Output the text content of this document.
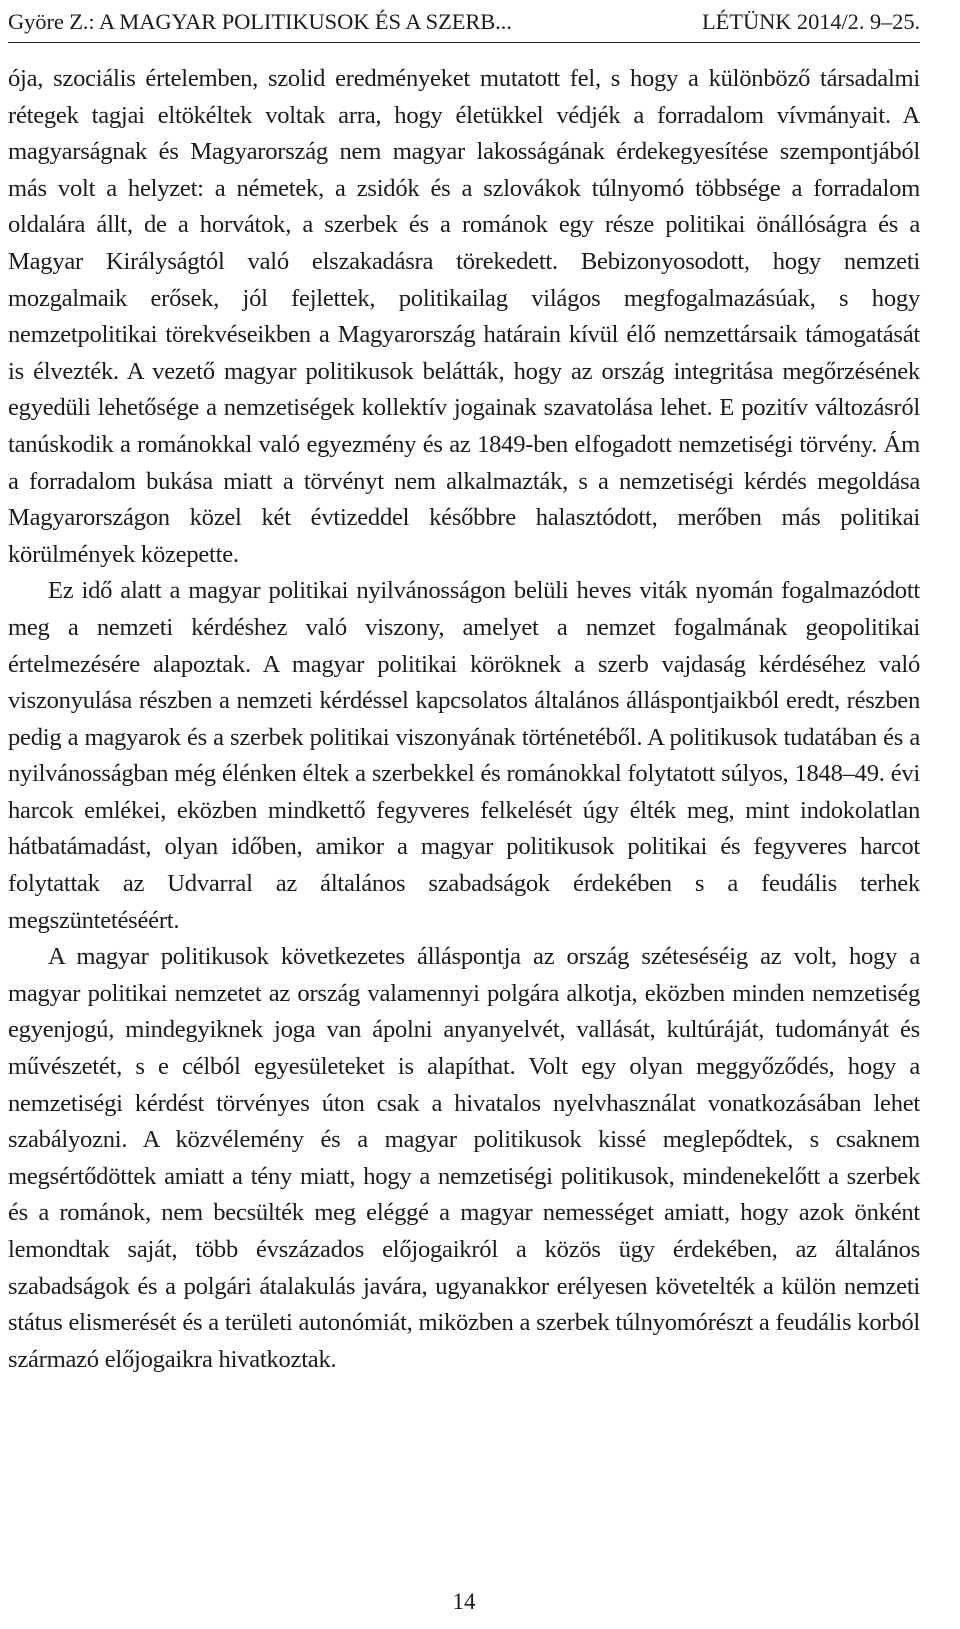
Györe Z.: A MAGYAR POLITIKUSOK ÉS A SZERB...	LÉTÜNK 2014/2. 9–25.

ója, szociális értelemben, szolid eredményeket mutatott fel, s hogy a különböző társadalmi rétegek tagjai eltökéltek voltak arra, hogy életükkel védjék a forradalom vívmányait. A magyarságnak és Magyarország nem magyar lakosságának érdekegyesítése szempontjából más volt a helyzet: a németek, a zsidók és a szlovákok túlnyomó többsége a forradalom oldalára állt, de a horvátok, a szerbek és a románok egy része politikai önállóságra és a Magyar Királyságtól való elszakadásra törekedett. Bebizonyosodott, hogy nemzeti mozgalmaik erősek, jól fejlettek, politikailag világos megfogalmazásúak, s hogy nemzetpolitikai törekvéseikben a Magyarország határain kívül élő nemzettársaik támogatását is élvezték. A vezető magyar politikusok belátták, hogy az ország integritása megőrzésének egyedüli lehetősége a nemzetiségek kollektív jogainak szavatolása lehet. E pozitív változásról tanúskodik a románokkal való egyezmény és az 1849-ben elfogadott nemzetiségi törvény. Ám a forradalom bukása miatt a törvényt nem alkalmazták, s a nemzetiségi kérdés megoldása Magyarországon közel két évtizeddel későbbre halasztódott, merőben más politikai körülmények közepette.

Ez idő alatt a magyar politikai nyilvánosságon belüli heves viták nyomán fogalmazódott meg a nemzeti kérdéshez való viszony, amelyet a nemzet fogalmának geopolitikai értelmezésére alapoztak. A magyar politikai köröknek a szerb vajdaság kérdéséhez való viszonyulása részben a nemzeti kérdéssel kapcsolatos általános álláspontjaikból eredt, részben pedig a magyarok és a szerbek politikai viszonyának történetéből. A politikusok tudatában és a nyilvánosságban még élénken éltek a szerbekkel és románokkal folytatott súlyos, 1848–49. évi harcok emlékei, eközben mindkettő fegyveres felkelését úgy élték meg, mint indokolatlan hátbatámadást, olyan időben, amikor a magyar politikusok politikai és fegyveres harcot folytattak az Udvarral az általános szabadságok érdekében s a feudális terhek megszüntetéséért.

A magyar politikusok következetes álláspontja az ország széteséséig az volt, hogy a magyar politikai nemzetet az ország valamennyi polgára alkotja, eközben minden nemzetiség egyenjogú, mindegyiknek joga van ápolni anyanyelvét, vallását, kultúráját, tudományát és művészetét, s e célból egyesületeket is alapíthat. Volt egy olyan meggyőződés, hogy a nemzetiségi kérdést törvényes úton csak a hivatalos nyelvhasználat vonatkozásában lehet szabályozni. A közvélemény és a magyar politikusok kissé meglepődtek, s csaknem megsértődöttek amiatt a tény miatt, hogy a nemzetiségi politikusok, mindenekelőtt a szerbek és a románok, nem becsülték meg eléggé a magyar nemességet amiatt, hogy azok önként lemondtak saját, több évszázados előjogaikról a közös ügy érdekében, az általános szabadságok és a polgári átalakulás javára, ugyanakkor erélyesen követelték a külön nemzeti státus elismerését és a területi autonómiát, miközben a szerbek túlnyomórészt a feudális korból származó előjogaikra hivatkoztak.

14
